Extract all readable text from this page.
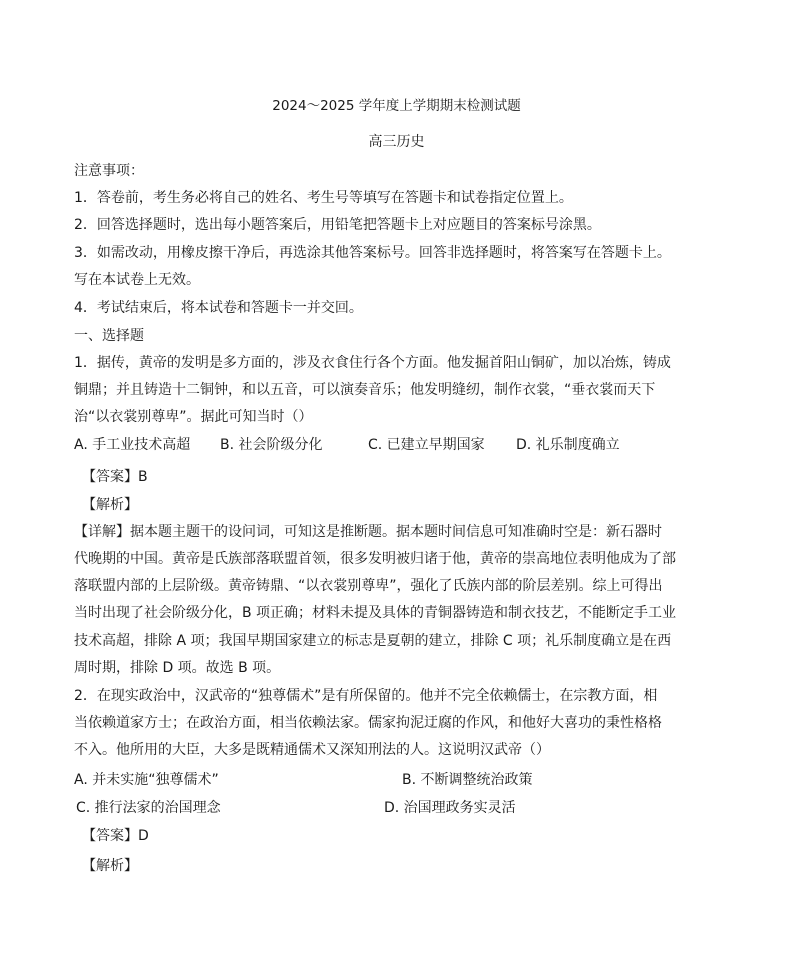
2024～2025 学年度上学期期末检测试题
高三历史
注意事项：
1．答卷前，考生务必将自己的姓名、考生号等填写在答题卡和试卷指定位置上。
2．回答选择题时，选出每小题答案后，用铅笔把答题卡上对应题目的答案标号涂黑。
3．如需改动，用橡皮擦干净后，再选涂其他答案标号。回答非选择题时，将答案写在答题卡上。
写在本试卷上无效。
4．考试结束后，将本试卷和答题卡一并交回。
一、选择题
1．据传，黄帝的发明是多方面的，涉及衣食住行各个方面。他发掘首阳山铜矿，加以冶炼，铸成
铜鼎；并且铸造十二铜钟，和以五音，可以演奏音乐；他发明缝纫，制作衣裳，“垂衣裳而天下
治“以衣裳别尊卑”。据此可知当时（）
A. 手工业技术高超 B. 社会阶级分化	C. 已建立早期国家 D. 礼乐制度确立
【答案】B
【解析】
【详解】据本题主题干的设问词，可知这是推断题。据本题时间信息可知准确时空是：新石器时
代晚期的中国。黄帝是氏族部落联盟首领，很多发明被归诸于他，黄帝的崇高地位表明他成为了部
落联盟内部的上层阶级。黄帝铸鼎、“以衣裳别尊卑”，强化了氏族内部的阶层差别。综上可得出
当时出现了社会阶级分化，B 项正确；材料未提及具体的青铜器铸造和制衣技艺，不能断定手工业
技术高超，排除 A 项；我国早期国家建立的标志是夏朝的建立，排除 C 项；礼乐制度确立是在西
周时期，排除 D 项。故选 B 项。
2．在现实政治中，汉武帝的“独尊儒术”是有所保留的。他并不完全依赖儒士，在宗教方面，相
当依赖道家方士；在政治方面，相当依赖法家。儒家拘泥迂腐的作风，和他好大喜功的秉性格格
不入。他所用的大臣，大多是既精通儒术又深知刑法的人。这说明汉武帝（）
A. 并未实施“独尊儒术”	B. 不断调整统治政策
C. 推行法家的治国理念	D. 治国理政务实灵活
【答案】D
【解析】
